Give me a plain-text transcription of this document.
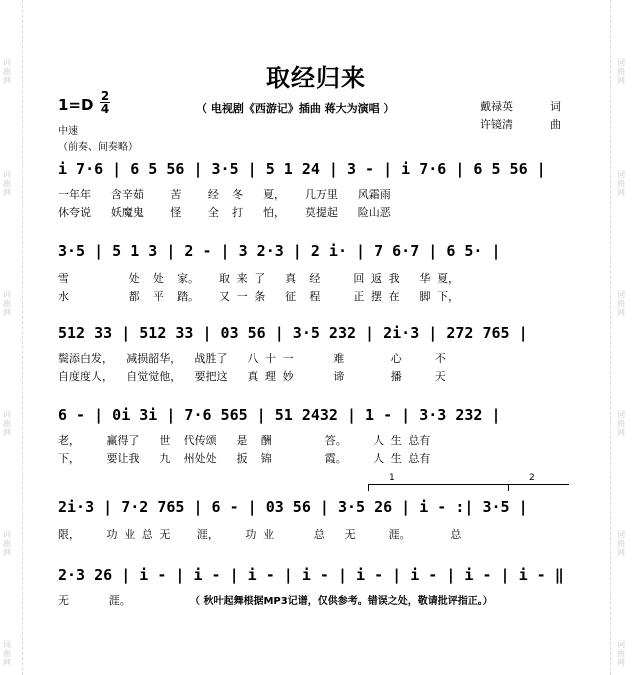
词曲网
词曲网
词曲网
词曲网
词曲网
词曲网
词曲网
词曲网
词曲网
词曲网
词曲网
词曲网
取经归来
1=D 2
4	（ 电视剧《西游记》插曲 蒋大为演唱 ）	戴禄英	词
许镜清	曲
中速
（前奏、间奏略）
i 7·6 | 6 5 56 | 3·5 | 5 1 24 | 3 - | i 7·6 | 6 5 56 |
一年年   含辛茹    苦    经  冬   夏，   几万里   风霜雨
休夸说   妖魔鬼    怪    全  打   怕，   莫提起   险山恶
3·5 | 5 1 3 | 2 - | 3 2·3 | 2 i· | 7 6·7 | 6 5· |
雪         处  处  家。   取 来 了   真  经     回 返 我   华 夏，
水         都  平  踏。   又 一 条   征  程     正 摆 在   脚 下，
512 33 | 512 33 | 03 56 | 3·5 232 | 2i·3 | 272 765 |
鬓添白发，  减损韶华，  战胜了   八 十 一      难       心     不
自度度人，  自觉觉他，  要把这   真 理 妙      谛       播     天
6 - | 0i 3i | 7·6 565 | 51 2432 | 1 - | 3·3 232 |
老，    赢得了   世  代传颂   是  酬        答。    人 生 总有
下，    要让我   九  州处处   扳  锦        霞。    人 生 总有
1	2
2i·3 | 7·2 765 | 6 - | 03 56 | 3·5 26 | i - :| 3·5 |
限，    功 业 总 无    涯，    功 业      总   无     涯。      总
2·3 26 | i - | i - | i - | i - | i - | i - | i - | i - ‖
无      涯。	（ 秋叶起舞根据MP3记谱，仅供参考。错误之处，敬请批评指正。）
